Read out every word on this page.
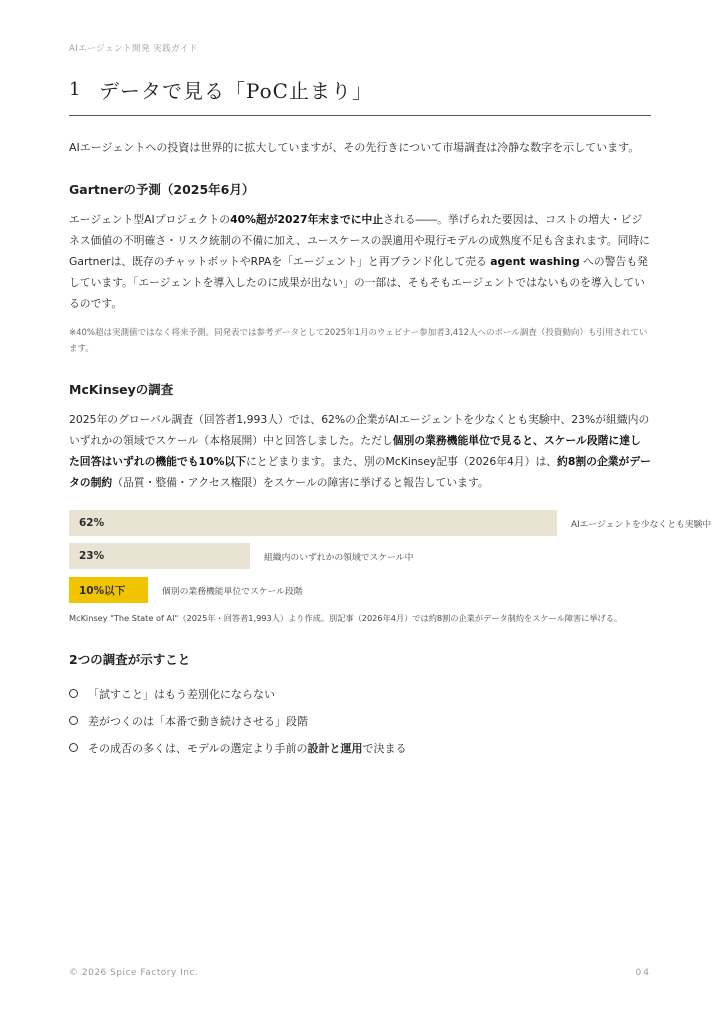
AIエージェント開発 実践ガイド
1 データで見る「PoC止まり」
AIエージェントへの投資は世界的に拡大していますが、その先行きについて市場調査は冷静な数字を示しています。
Gartnerの予測（2025年6月）
エージェント型AIプロジェクトの40%超が2027年末までに中止される――。挙げられた要因は、コストの増大・ビジネス価値の不明確さ・リスク統制の不備に加え、ユースケースの誤適用や現行モデルの成熟度不足も含まれます。同時にGartnerは、既存のチャットボットやRPAを「エージェント」と再ブランド化して売る agent washing への警告も発しています。「エージェントを導入したのに成果が出ない」の一部は、そもそもエージェントではないものを導入しているのです。
※40%超は実測値ではなく将来予測。同発表では参考データとして2025年1月のウェビナー参加者3,412人へのポール調査（投資動向）も引用されています。
McKinseyの調査
2025年のグローバル調査（回答者1,993人）では、62%の企業がAIエージェントを少なくとも実験中、23%が組織内のいずれかの領域でスケール（本格展開）中と回答しました。ただし個別の業務機能単位で見ると、スケール段階に達した回答はいずれの機能でも10%以下にとどまります。また、別のMcKinsey記事（2026年4月）は、約8割の企業がデータの制約（品質・整備・アクセス権限）をスケールの障害に挙げると報告しています。
62%	AIエージェントを少なくとも実験中
23%	組織内のいずれかの領域でスケール中
10%以下	個別の業務機能単位でスケール段階
McKinsey "The State of AI"（2025年・回答者1,993人）より作成。別記事（2026年4月）では約8割の企業がデータ制約をスケール障害に挙げる。
2つの調査が示すこと
「試すこと」はもう差別化にならない
差がつくのは「本番で動き続けさせる」段階
その成否の多くは、モデルの選定より手前の 設計と運用 で決まる
© 2026 Spice Factory Inc.	04
